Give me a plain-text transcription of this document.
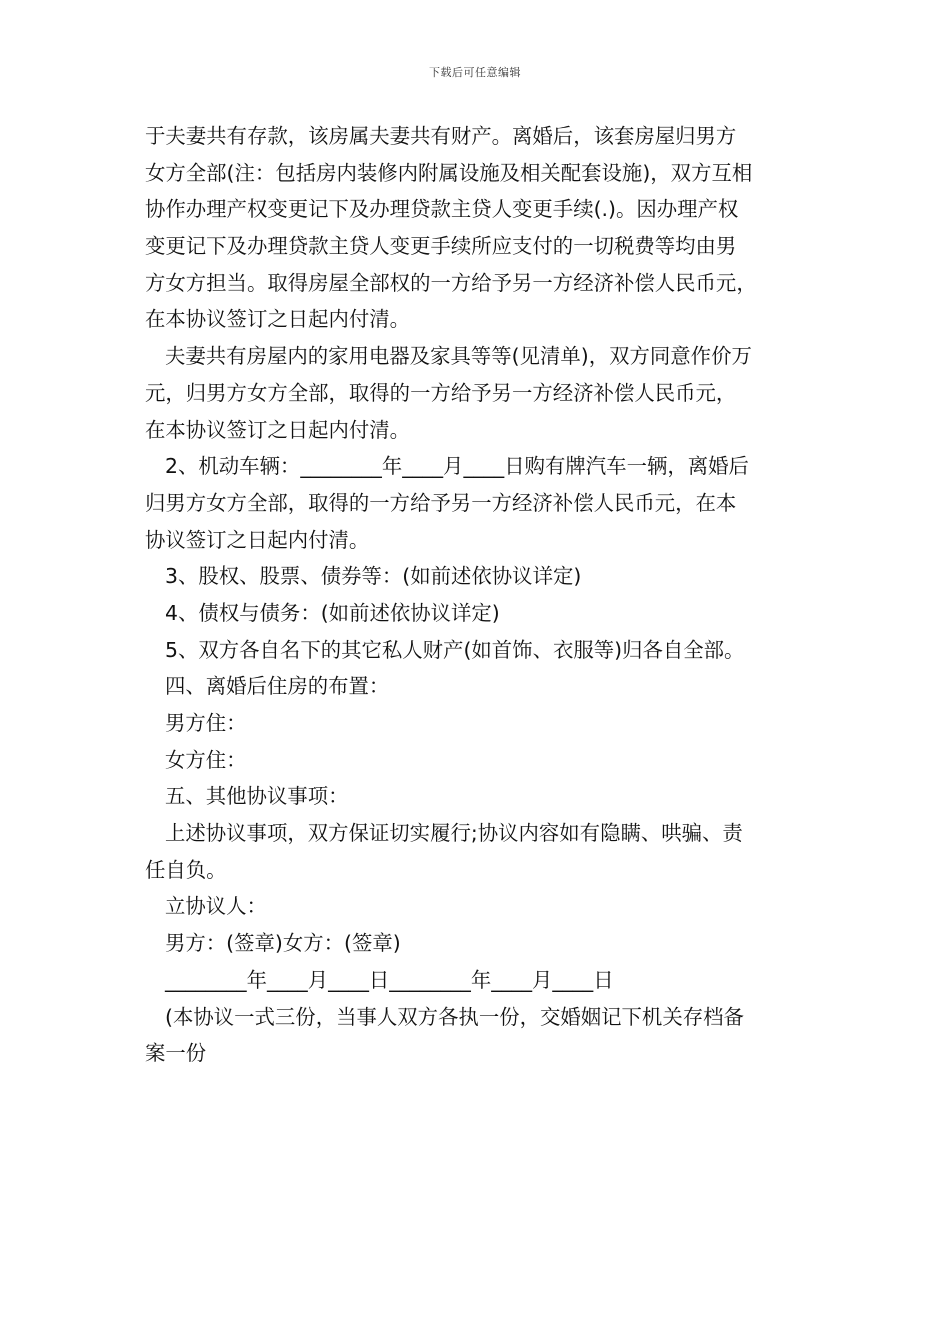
下载后可任意编辑
于夫妻共有存款，该房属夫妻共有财产。离婚后，该套房屋归男方
女方全部(注：包括房内装修内附属设施及相关配套设施)，双方互相
协作办理产权变更记下及办理贷款主贷人变更手续(.)。因办理产权
变更记下及办理贷款主贷人变更手续所应支付的一切税费等均由男
方女方担当。取得房屋全部权的一方给予另一方经济补偿人民币元，
在本协议签订之日起内付清。
夫妻共有房屋内的家用电器及家具等等(见清单)，双方同意作价万
元，归男方女方全部，取得的一方给予另一方经济补偿人民币元，
在本协议签订之日起内付清。
2、机动车辆：________年____月____日购有牌汽车一辆，离婚后
归男方女方全部，取得的一方给予另一方经济补偿人民币元，在本
协议签订之日起内付清。
3、股权、股票、债券等：(如前述依协议详定)
4、债权与债务：(如前述依协议详定)
5、双方各自名下的其它私人财产(如首饰、衣服等)归各自全部。
四、离婚后住房的布置：
男方住：
女方住：
五、其他协议事项：
上述协议事项，双方保证切实履行;协议内容如有隐瞒、哄骗、责
任自负。
立协议人：
男方：(签章)女方：(签章)
________年____月____日________年____月____日
(本协议一式三份，当事人双方各执一份，交婚姻记下机关存档备
案一份
